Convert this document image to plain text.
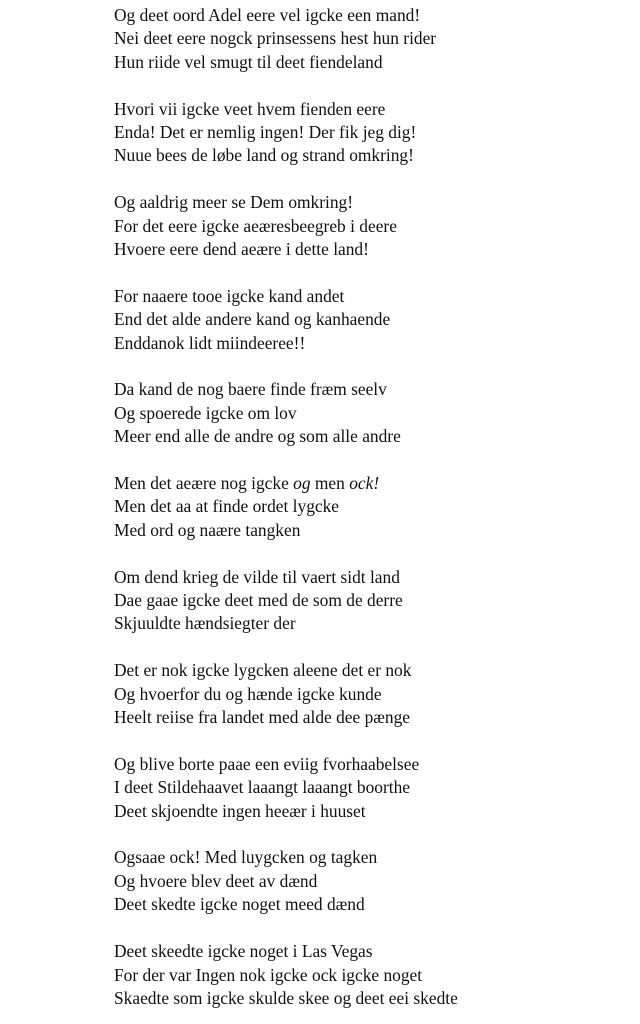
Og deet oord Adel eere vel igcke een mand!
Nei deet eere nogck prinsessens hest hun rider
Hun riide vel smugt til deet fiendeland
Hvori vii igcke veet hvem fienden eere
Enda! Det er nemlig ingen! Der fik jeg dig!
Nuue bees de løbe land og strand omkring!
Og aaldrig meer se Dem omkring!
For det eere igcke aeæresbeegreb i deere
Hvoere eere dend aeære i dette land!
For naaere tooe igcke kand andet
End det alde andere kand og kanhaende
Enddanok lidt miindeeree!!
Da kand de nog baere finde fræm seelv
Og spoerede igcke om lov
Meer end alle de andre og som alle andre
Men det aeære nog igcke og men ock!
Men det aa at finde ordet lygcke
Med ord og naære tangken
Om dend krieg de vilde til vaert sidt land
Dae gaae igcke deet med de som de derre
Skjuuldte hændsiegter der
Det er nok igcke lygcken aleene det er nok
Og hvoerfor du og hænde igcke kunde
Heelt reiise fra landet med alde dee pænge
Og blive borte paae een eviig fvorhaabelsee
I deet Stildehaavet laaangt laaangt boorthe
Deet skjoendte ingen heeær i huuset
Ogsaae ock! Med luygcken og tagken
Og hvoere blev deet av dænd
Deet skedte igcke noget meed dænd
Deet skeedte igcke noget i Las Vegas
For der var Ingen nok igcke ock igcke noget
Skaedte som igcke skulde skee og deet eei skedte
